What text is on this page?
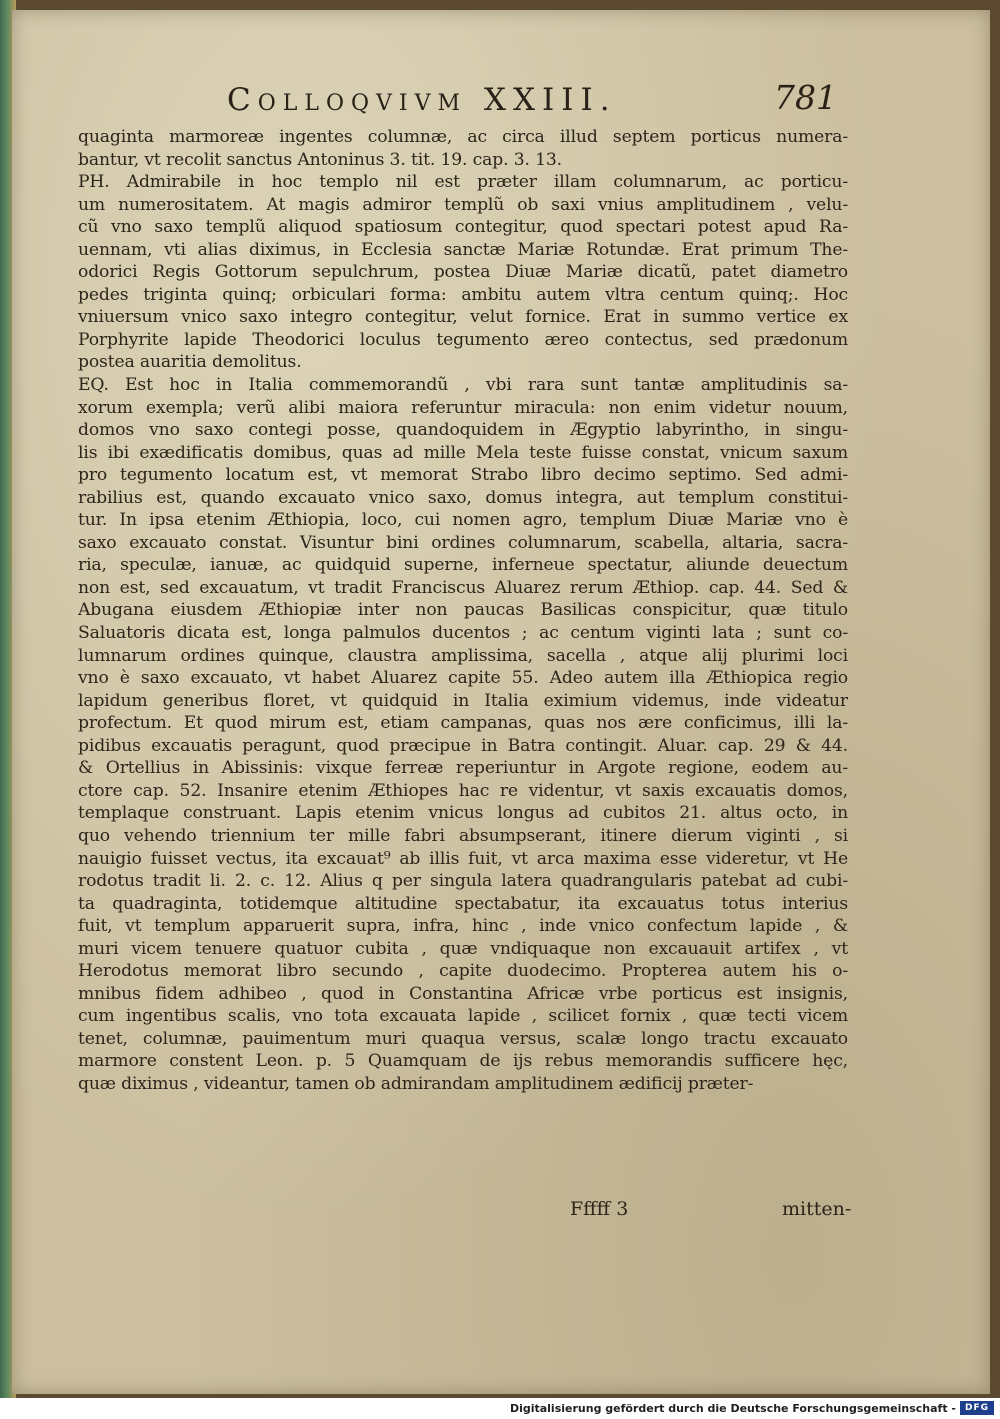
Colloqvivm XXIII.	781
quaginta marmoreæ ingentes columnæ, ac circa illud septem porticus numera-
bantur, vt recolit sanctus Antoninus 3. tit. 19. cap. 3. 13.
PH. Admirabile in hoc templo nil est præter illam columnarum, ac porticu-
um numerositatem. At magis admiror templũ ob saxi vnius amplitudinem , velu-
cũ vno saxo templũ aliquod spatiosum contegitur, quod spectari potest apud Ra-
uennam, vti alias diximus, in Ecclesia sanctæ Mariæ Rotundæ. Erat primum The-
odorici Regis Gottorum sepulchrum, postea Diuæ Mariæ dicatũ, patet diametro
pedes triginta quinq; orbiculari forma: ambitu autem vltra centum quinq;. Hoc
vniuersum vnico saxo integro contegitur, velut fornice. Erat in summo vertice ex
Porphyrite lapide Theodorici loculus tegumento æreo contectus, sed prædonum
postea auaritia demolitus.
EQ. Est hoc in Italia commemorandũ , vbi rara sunt tantæ amplitudinis sa-
xorum exempla; verũ alibi maiora referuntur miracula: non enim videtur nouum,
domos vno saxo contegi posse, quandoquidem in Ægyptio labyrintho, in singu-
lis ibi exædificatis domibus, quas ad mille Mela teste fuisse constat, vnicum saxum
pro tegumento locatum est, vt memorat Strabo libro decimo septimo. Sed admi-
rabilius est, quando excauato vnico saxo, domus integra, aut templum constitui-
tur. In ipsa etenim Æthiopia, loco, cui nomen agro, templum Diuæ Mariæ vno è
saxo excauato constat. Visuntur bini ordines columnarum, scabella, altaria, sacra-
ria, speculæ, ianuæ, ac quidquid superne, inferneue spectatur, aliunde deuectum
non est, sed excauatum, vt tradit Franciscus Aluarez rerum Æthiop. cap. 44. Sed &
Abugana eiusdem Æthiopiæ inter non paucas Basilicas conspicitur, quæ titulo
Saluatoris dicata est, longa palmulos ducentos ; ac centum viginti lata ; sunt co-
lumnarum ordines quinque, claustra amplissima, sacella , atque alij plurimi loci
vno è saxo excauato, vt habet Aluarez capite 55. Adeo autem illa Æthiopica regio
lapidum generibus floret, vt quidquid in Italia eximium videmus, inde videatur
profectum. Et quod mirum est, etiam campanas, quas nos ære conficimus, illi la-
pidibus excauatis peragunt, quod præcipue in Batra contingit. Aluar. cap. 29 & 44.
& Ortellius in Abissinis: vixque ferreæ reperiuntur in Argote regione, eodem au-
ctore cap. 52. Insanire etenim Æthiopes hac re videntur, vt saxis excauatis domos,
templaque construant. Lapis etenim vnicus longus ad cubitos 21. altus octo, in
quo vehendo triennium ter mille fabri absumpserant, itinere dierum viginti , si
nauigio fuisset vectus, ita excauat⁹ ab illis fuit, vt arca maxima esse videretur, vt He
rodotus tradit li. 2. c. 12. Alius q per singula latera quadrangularis patebat ad cubi-
ta quadraginta, totidemque altitudine spectabatur, ita excauatus totus interius
fuit, vt templum apparuerit supra, infra, hinc , inde vnico confectum lapide , &
muri vicem tenuere quatuor cubita , quæ vndiquaque non excauauit artifex , vt
Herodotus memorat libro secundo , capite duodecimo. Propterea autem his o-
mnibus fidem adhibeo , quod in Constantina Africæ vrbe porticus est insignis,
cum ingentibus scalis, vno tota excauata lapide , scilicet fornix , quæ tecti vicem
tenet, columnæ, pauimentum muri quaqua versus, scalæ longo tractu excauato
marmore constent Leon. p. 5 Quamquam de ijs rebus memorandis sufficere hęc,
quæ diximus , videantur, tamen ob admirandam amplitudinem ædificij præter-
Fffff 3	mitten-
Digitalisierung gefördert durch die Deutsche Forschungsgemeinschaft - DFG
